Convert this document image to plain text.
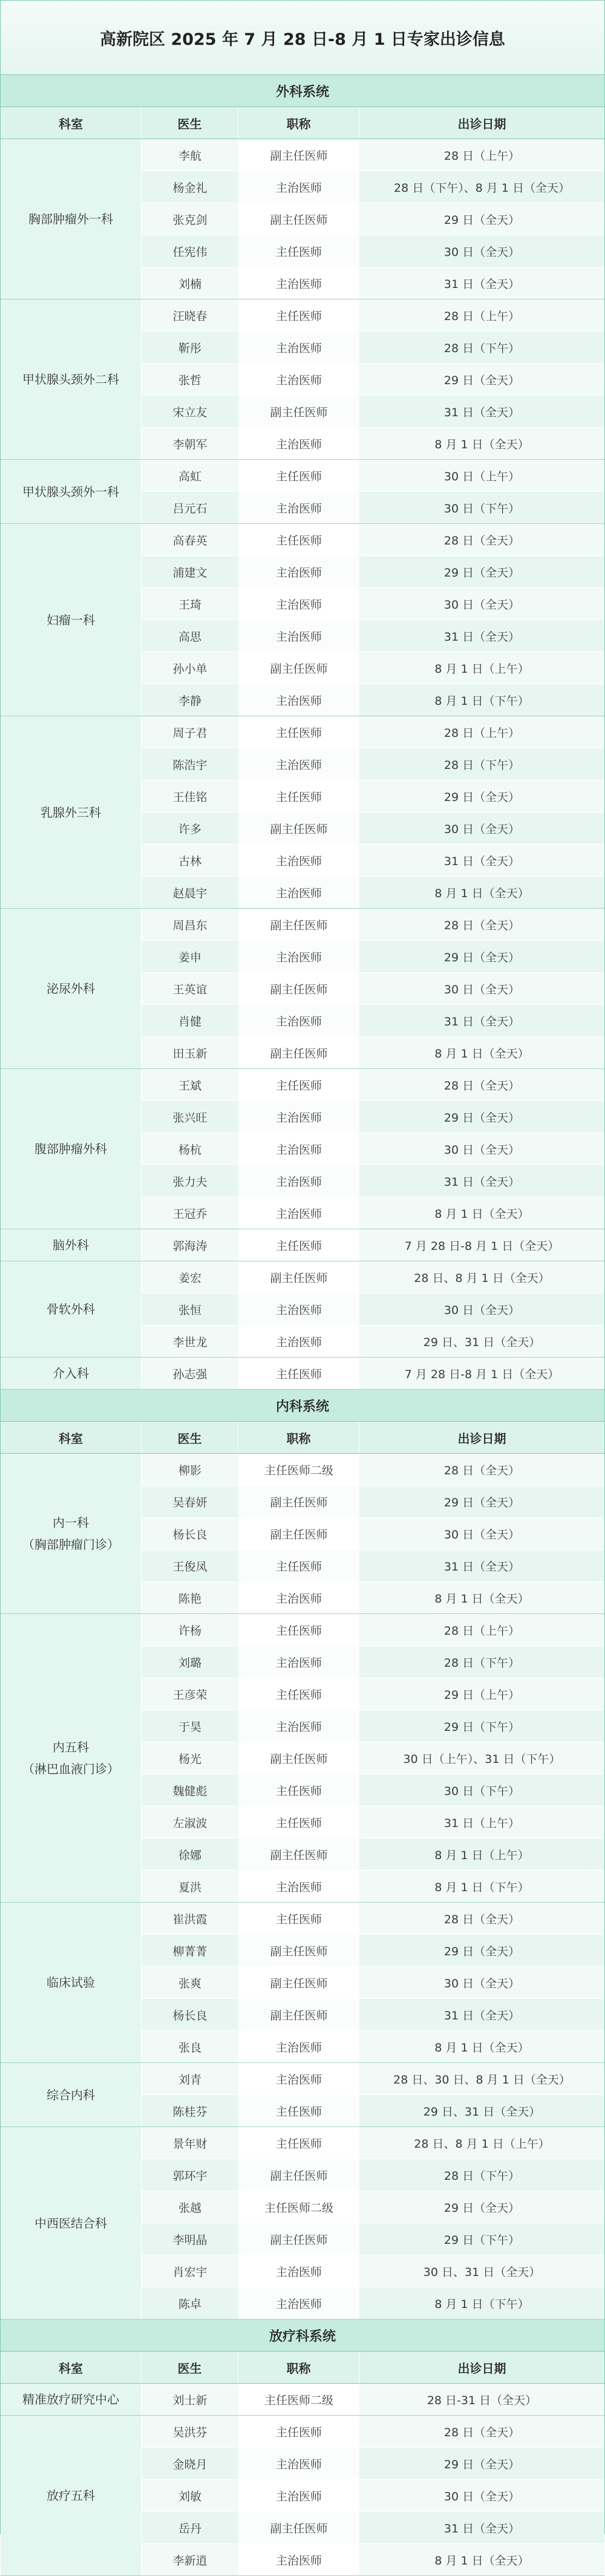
高新院区 2025 年 7 月 28 日-8 月 1 日专家出诊信息
外科系统
科室	医生	职称	出诊日期
胸部肿瘤外一科
李航	副主任医师	28 日（上午）
杨金礼	主治医师	28 日（下午）、8 月 1 日（全天）
张克剑	副主任医师	29 日（全天）
任宪伟	主任医师	30 日（全天）
刘楠	主治医师	31 日（全天）
甲状腺头颈外二科
汪晓春	主任医师	28 日（上午）
靳彤	主治医师	28 日（下午）
张哲	主治医师	29 日（全天）
宋立友	副主任医师	31 日（全天）
李朝军	主治医师	8 月 1 日（全天）
甲状腺头颈外一科
高虹	主任医师	30 日（上午）
吕元石	主治医师	30 日（下午）
妇瘤一科
高春英	主任医师	28 日（全天）
浦建文	主治医师	29 日（全天）
王琦	主治医师	30 日（全天）
高思	主治医师	31 日（全天）
孙小单	副主任医师	8 月 1 日（上午）
李静	主治医师	8 月 1 日（下午）
乳腺外三科
周子君	主任医师	28 日（上午）
陈浩宇	主治医师	28 日（下午）
王佳铭	主任医师	29 日（全天）
许多	副主任医师	30 日（全天）
古林	主治医师	31 日（全天）
赵晨宇	主治医师	8 月 1 日（全天）
泌尿外科
周昌东	副主任医师	28 日（全天）
姜申	主治医师	29 日（全天）
王英谊	副主任医师	30 日（全天）
肖健	主治医师	31 日（全天）
田玉新	副主任医师	8 月 1 日（全天）
腹部肿瘤外科
王斌	主任医师	28 日（全天）
张兴旺	主治医师	29 日（全天）
杨杭	主治医师	30 日（全天）
张力夫	主治医师	31 日（全天）
王冠乔	主治医师	8 月 1 日（全天）
脑外科	郭海涛	主任医师	7 月 28 日-8 月 1 日（全天）
骨软外科
姜宏	副主任医师	28 日、8 月 1 日（全天）
张恒	主治医师	30 日（全天）
李世龙	主治医师	29 日、31 日（全天）
介入科	孙志强	主任医师	7 月 28 日-8 月 1 日（全天）
内科系统
科室	医生	职称	出诊日期
内一科
（胸部肿瘤门诊）
柳影	主任医师二级	28 日（全天）
吴春妍	副主任医师	29 日（全天）
杨长良	副主任医师	30 日（全天）
王俊凤	主任医师	31 日（全天）
陈艳	主治医师	8 月 1 日（全天）
内五科
（淋巴血液门诊）
许杨	主任医师	28 日（上午）
刘璐	主治医师	28 日（下午）
王彦荣	主任医师	29 日（上午）
于昊	主治医师	29 日（下午）
杨光	副主任医师	30 日（上午）、31 日（下午）
魏健彪	主任医师	30 日（下午）
左淑波	主任医师	31 日（上午）
徐娜	副主任医师	8 月 1 日（上午）
夏洪	主治医师	8 月 1 日（下午）
临床试验
崔洪霞	主任医师	28 日（全天）
柳菁菁	副主任医师	29 日（全天）
张爽	副主任医师	30 日（全天）
杨长良	副主任医师	31 日（全天）
张良	主治医师	8 月 1 日（全天）
综合内科
刘青	主治医师	28 日、30 日、8 月 1 日（全天）
陈桂芬	主任医师	29 日、31 日（全天）
中西医结合科
景年财	主任医师	28 日、8 月 1 日（上午）
郭环宇	副主任医师	28 日（下午）
张越	主任医师二级	29 日（全天）
李明晶	副主任医师	29 日（下午）
肖宏宇	主治医师	30 日、31 日（全天）
陈卓	主治医师	8 月 1 日（下午）
放疗科系统
科室	医生	职称	出诊日期
精准放疗研究中心	刘士新	主任医师二级	28 日-31 日（全天）
放疗五科
吴洪芬	主任医师	28 日（全天）
金晓月	主治医师	29 日（全天）
刘敏	主治医师	30 日（全天）
岳丹	副主任医师	31 日（全天）
李新逍	主治医师	8 月 1 日（全天）
